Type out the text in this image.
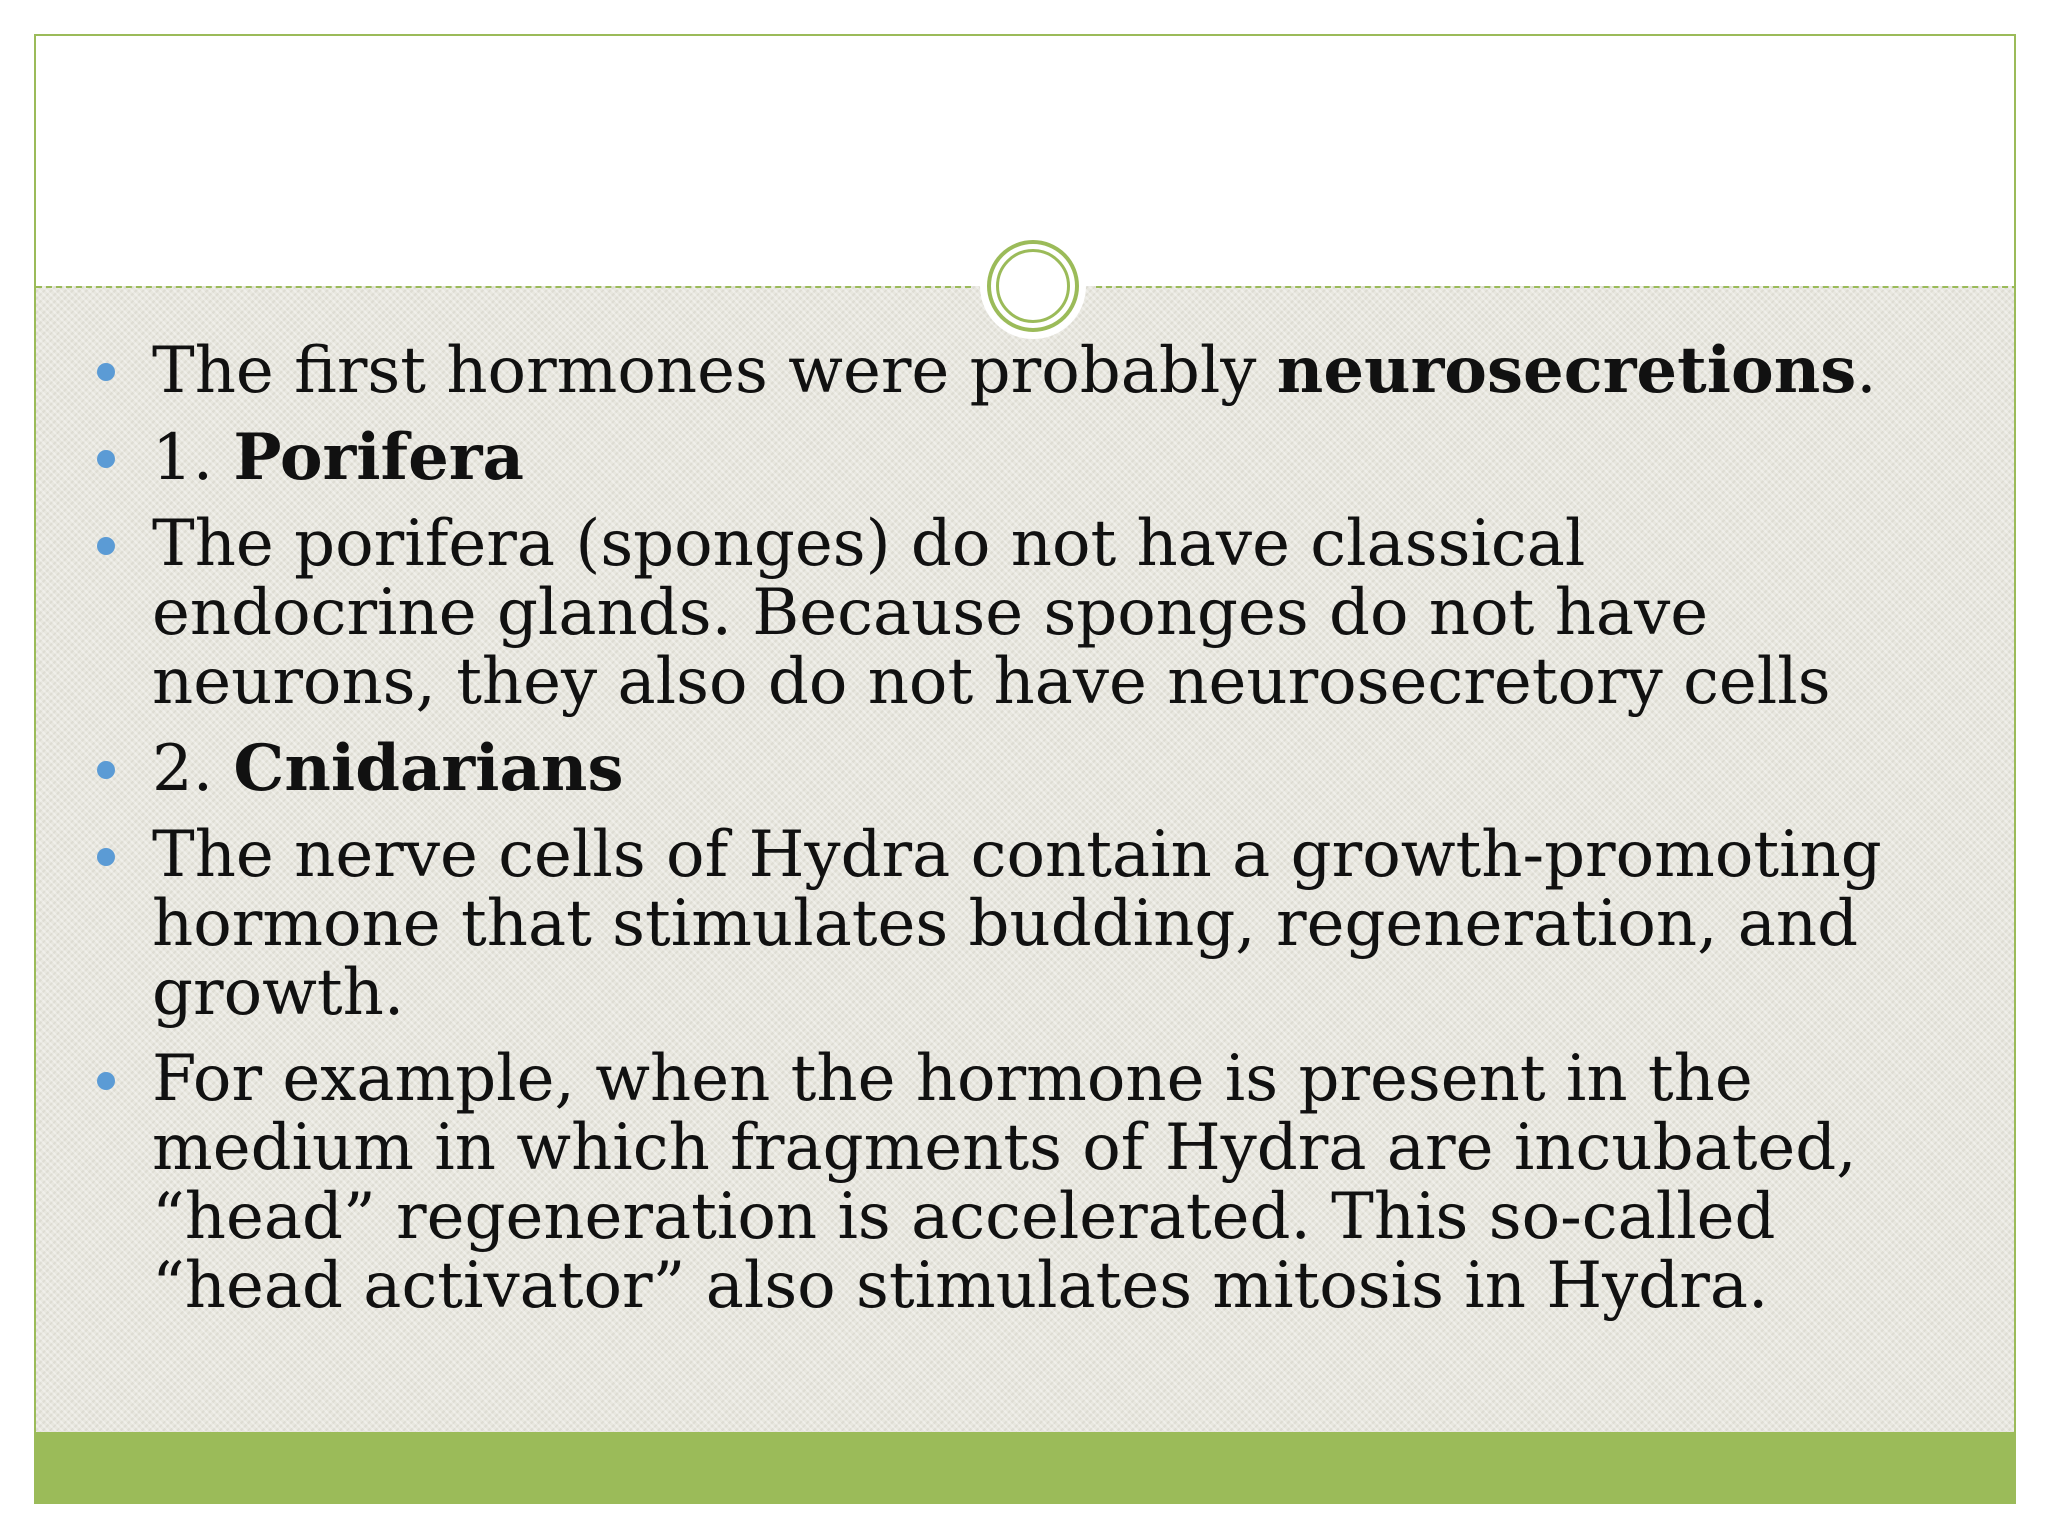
The first hormones were probably neurosecretions.
1. Porifera
The porifera (sponges) do not have classical endocrine glands. Because sponges do not have neurons, they also do not have neurosecretory cells
2. Cnidarians
The nerve cells of Hydra contain a growth-promoting hormone that stimulates budding, regeneration, and growth.
For example, when the hormone is present in the medium in which fragments of Hydra are incubated, “head” regeneration is accelerated. This so-called “head activator” also stimulates mitosis in Hydra.
